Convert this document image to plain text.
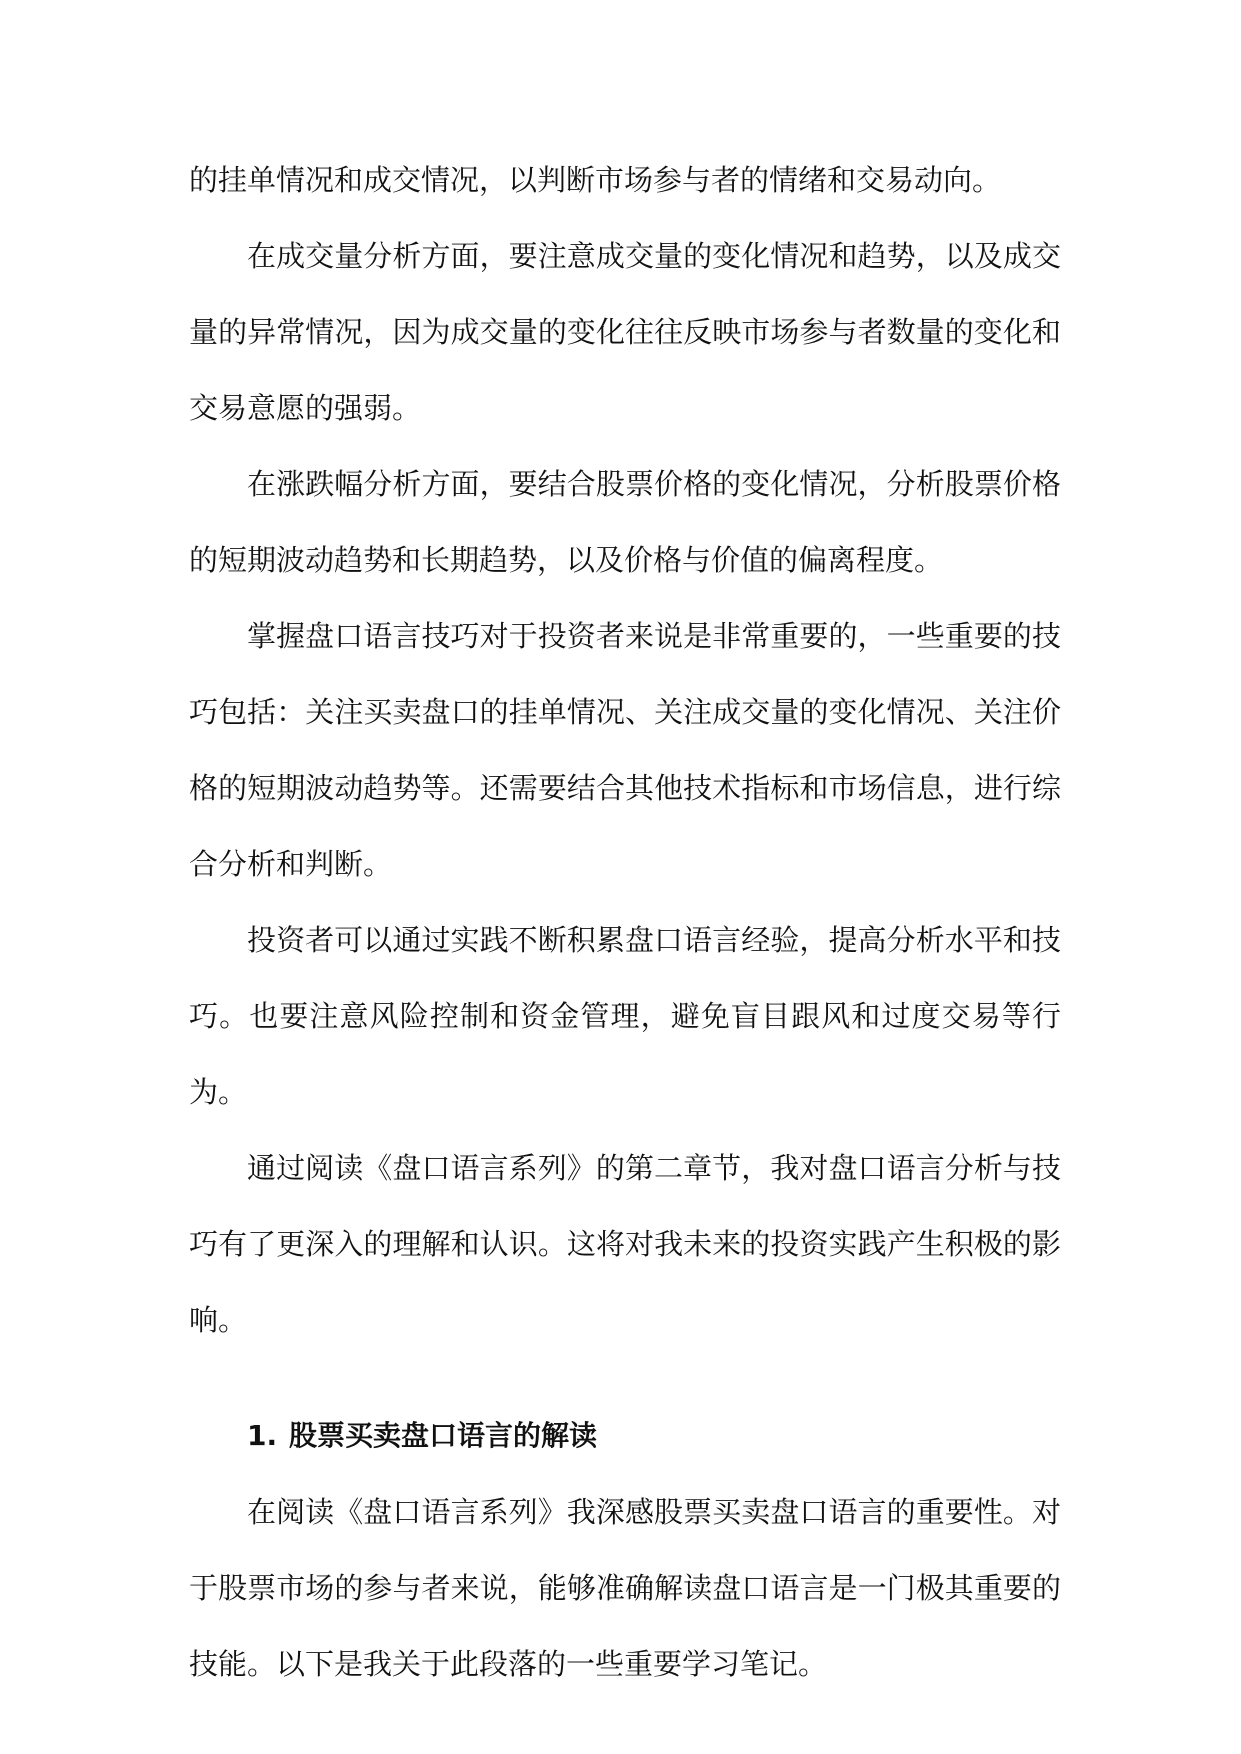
的挂单情况和成交情况，以判断市场参与者的情绪和交易动向。

在成交量分析方面，要注意成交量的变化情况和趋势，以及成交量的异常情况，因为成交量的变化往往反映市场参与者数量的变化和交易意愿的强弱。

在涨跌幅分析方面，要结合股票价格的变化情况，分析股票价格的短期波动趋势和长期趋势，以及价格与价值的偏离程度。

掌握盘口语言技巧对于投资者来说是非常重要的，一些重要的技巧包括：关注买卖盘口的挂单情况、关注成交量的变化情况、关注价格的短期波动趋势等。还需要结合其他技术指标和市场信息，进行综合分析和判断。

投资者可以通过实践不断积累盘口语言经验，提高分析水平和技巧。也要注意风险控制和资金管理，避免盲目跟风和过度交易等行为。

通过阅读《盘口语言系列》的第二章节，我对盘口语言分析与技巧有了更深入的理解和认识。这将对我未来的投资实践产生积极的影响。

1. 股票买卖盘口语言的解读

在阅读《盘口语言系列》我深感股票买卖盘口语言的重要性。对于股票市场的参与者来说，能够准确解读盘口语言是一门极其重要的技能。以下是我关于此段落的一些重要学习笔记。
